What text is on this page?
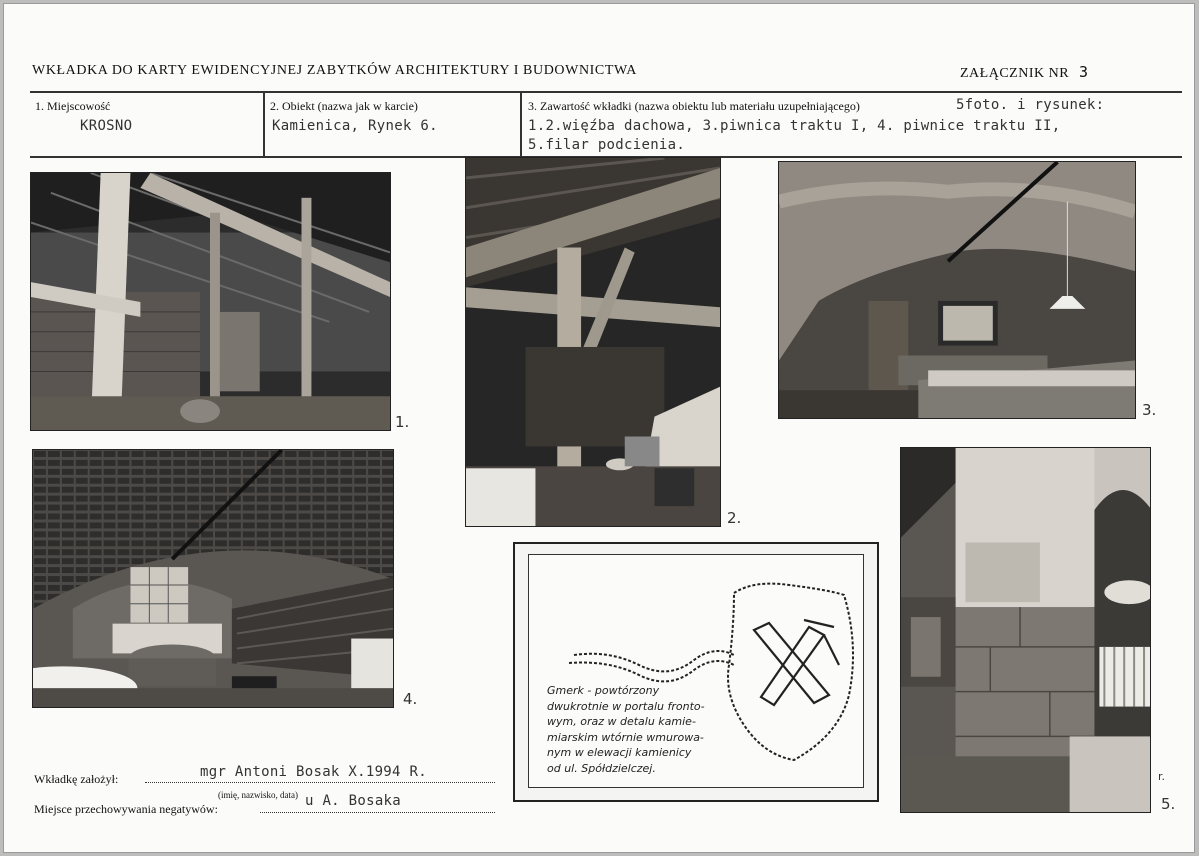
WKŁADKA DO KARTY EWIDENCYJNEJ ZABYTKÓW ARCHITEKTURY I BUDOWNICTWA	ZAŁĄCZNIK NR 3
1. Miejscowość
KROSNO
2. Obiekt (nazwa jak w karcie)
Kamienica, Rynek 6.
3. Zawartość wkładki (nazwa obiektu lub materiału uzupełniającego)	5foto. i rysunek:
1.2.więźba dachowa, 3.piwnica traktu I, 4. piwnice traktu II,
5.filar podcienia.
1.
2.
3.
4.
r.
5.
Gmerk - powtórzony
dwukrotnie w portalu fronto-
wym, oraz w detalu kamie-
miarskim wtórnie wmurowa-
nym w elewacji kamienicy
od ul. Spółdzielczej.
Wkładkę założył:	mgr Antoni Bosak X.1994 R.
(imię, nazwisko, data)
Miejsce przechowywania negatywów:	u A. Bosaka
